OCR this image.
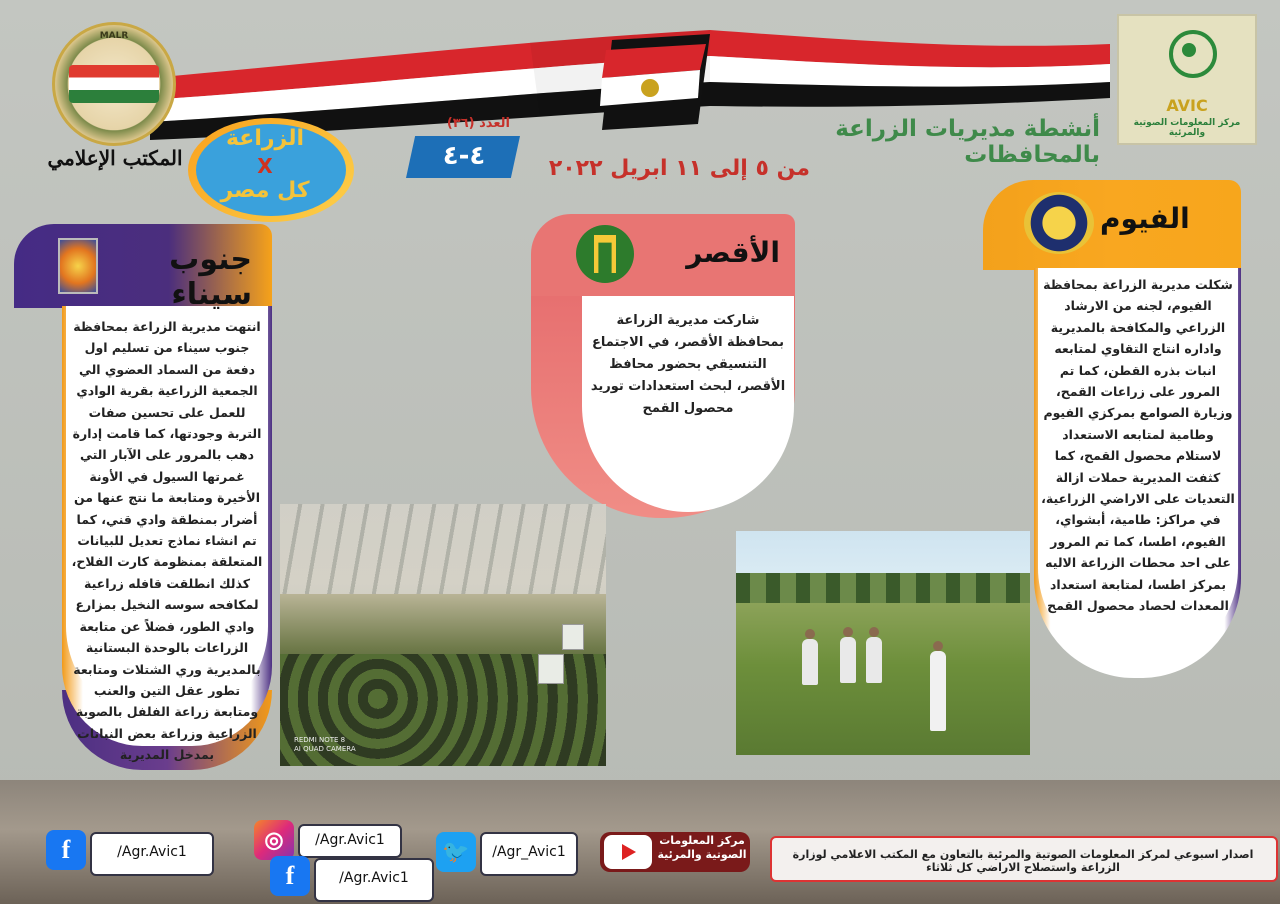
MALR
المكتب الإعلامي
AVIC
مركز المعلومات الصوتية والمرئية
أنشطة مديريات الزراعة بالمحافظات
من ٥ إلى ١١ ابريل ٢٠٢٢
العدد (٣٦)
٤-٤
الزراعة
X
كل مصر
جنوب سيناء
انتهت مديرية الزراعة بمحافظة جنوب سيناء من تسليم اول دفعة من السماد العضوي الي الجمعية الزراعية بقرية الوادي للعمل على تحسين صفات التربة وجودتها، كما قامت إدارة دهب بالمرور على الآبار التي غمرتها السيول في الأونة الأخيرة ومتابعة ما نتج عنها من أضرار بمنطقة وادي قني، كما تم انشاء نماذج تعديل للبيانات المتعلقة بمنظومة كارت الفلاح، كذلك انطلقت قافله زراعية لمكافحه سوسه النخيل بمزارع وادي الطور، فضلاً عن متابعة الزراعات بالوحدة البستانية بالمديرية وري الشتلات ومتابعة تطور عقل التين والعنب ومتابعة زراعة الفلفل بالصوبة الزراعية وزراعة بعض النباتات بمدخل المديرية
الأقصر
شاركت مديرية الزراعة بمحافظة الأقصر، في الاجتماع التنسيقي بحضور محافظ الأقصر، لبحث استعدادات توريد محصول القمح
الفيوم
شكلت مديرية الزراعة بمحافظة الفيوم، لجنه من الارشاد الزراعي والمكافحة بالمديرية واداره انتاج التقاوي لمتابعه انبات بذره القطن، كما تم المرور على زراعات القمح، وزيارة الصوامع بمركزي الفيوم وطامية لمتابعه الاستعداد لاستلام محصول القمح، كما كثفت المديرية حملات ازالة التعديات على الاراضي الزراعية، في مراكز: طامية، أبشواي، الفيوم، اطسا، كما تم المرور على احد محطات الزراعة الاليه بمركز اطسا، لمتابعة استعداد المعدات لحصاد محصول القمح
REDMI NOTE 8
AI QUAD CAMERA
f	/Agr.Avic1	◎	/Agr.Avic1
f	/Agr.Avic1
🐦	/Agr_Avic1
مركز المعلومات الصوتية والمرئية	اصدار اسبوعي لمركز المعلومات الصوتية والمرئية بالتعاون مع المكتب الاعلامي لوزارة الزراعة واستصلاح الاراضي كل ثلاثاء
